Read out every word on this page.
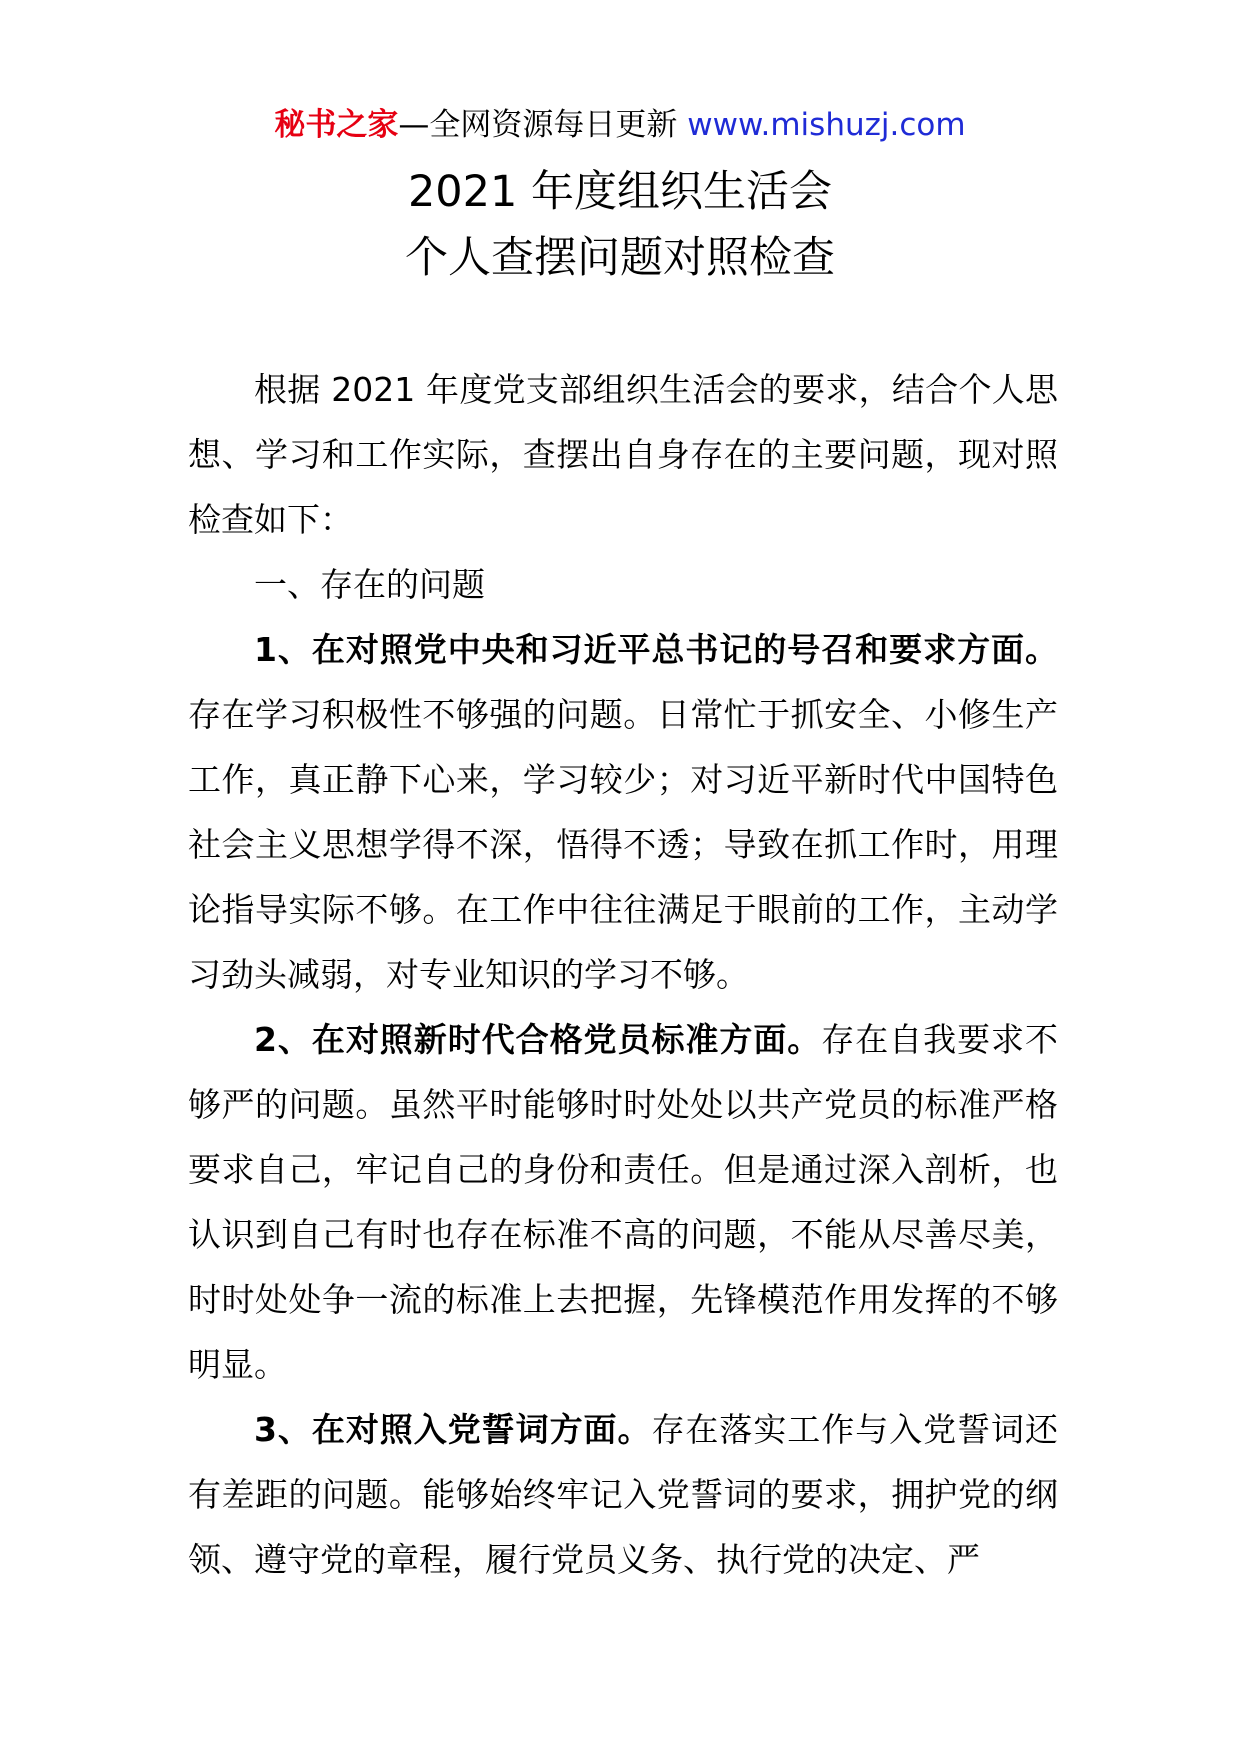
秘书之家—全网资源每日更新 www.mishuzj.com
2021 年度组织生活会
个人查摆问题对照检查

根据 2021 年度党支部组织生活会的要求，结合个人思想、学习和工作实际，查摆出自身存在的主要问题，现对照检查如下：

一、存在的问题

1、在对照党中央和习近平总书记的号召和要求方面。存在学习积极性不够强的问题。日常忙于抓安全、小修生产工作，真正静下心来，学习较少；对习近平新时代中国特色社会主义思想学得不深，悟得不透；导致在抓工作时，用理论指导实际不够。在工作中往往满足于眼前的工作，主动学习劲头减弱，对专业知识的学习不够。

2、在对照新时代合格党员标准方面。存在自我要求不够严的问题。虽然平时能够时时处处以共产党员的标准严格要求自己，牢记自己的身份和责任。但是通过深入剖析，也认识到自己有时也存在标准不高的问题，不能从尽善尽美，时时处处争一流的标准上去把握，先锋模范作用发挥的不够明显。

3、在对照入党誓词方面。存在落实工作与入党誓词还有差距的问题。能够始终牢记入党誓词的要求，拥护党的纲领、遵守党的章程，履行党员义务、执行党的决定、严
